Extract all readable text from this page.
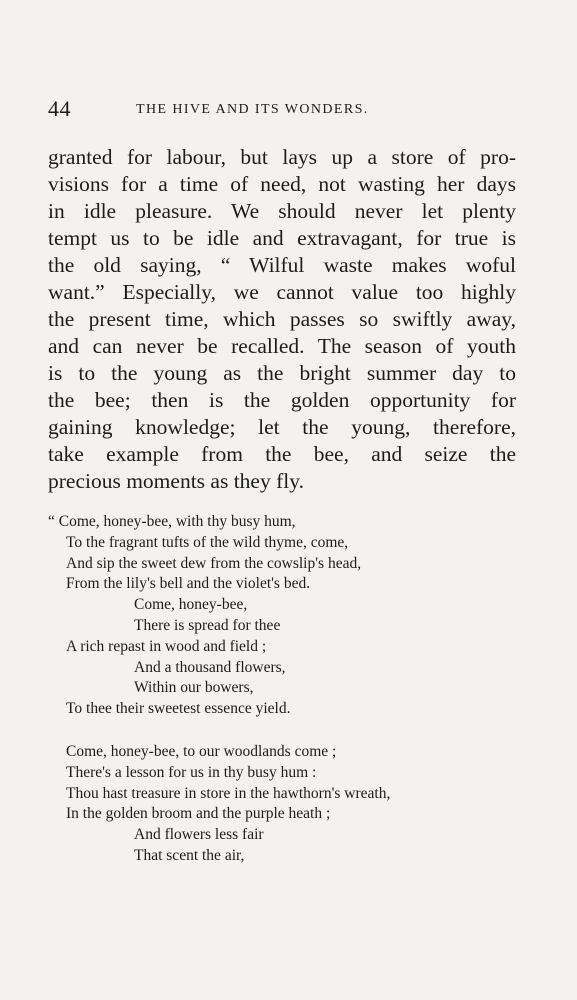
44	THE HIVE AND ITS WONDERS.
granted for labour, but lays up a store of pro-
visions for a time of need, not wasting her days
in idle pleasure. We should never let plenty
tempt us to be idle and extravagant, for true is
the old saying, “ Wilful waste makes woful
want.” Especially, we cannot value too highly
the present time, which passes so swiftly away,
and can never be recalled. The season of youth
is to the young as the bright summer day to
the bee; then is the golden opportunity for
gaining knowledge; let the young, therefore,
take example from the bee, and seize the
precious moments as they fly.
“ Come, honey-bee, with thy busy hum,
To the fragrant tufts of the wild thyme, come,
And sip the sweet dew from the cowslip's head,
From the lily's bell and the violet's bed.
Come, honey-bee,
There is spread for thee
A rich repast in wood and field ;
And a thousand flowers,
Within our bowers,
To thee their sweetest essence yield.
Come, honey-bee, to our woodlands come ;
There's a lesson for us in thy busy hum :
Thou hast treasure in store in the hawthorn's wreath,
In the golden broom and the purple heath ;
And flowers less fair
That scent the air,
